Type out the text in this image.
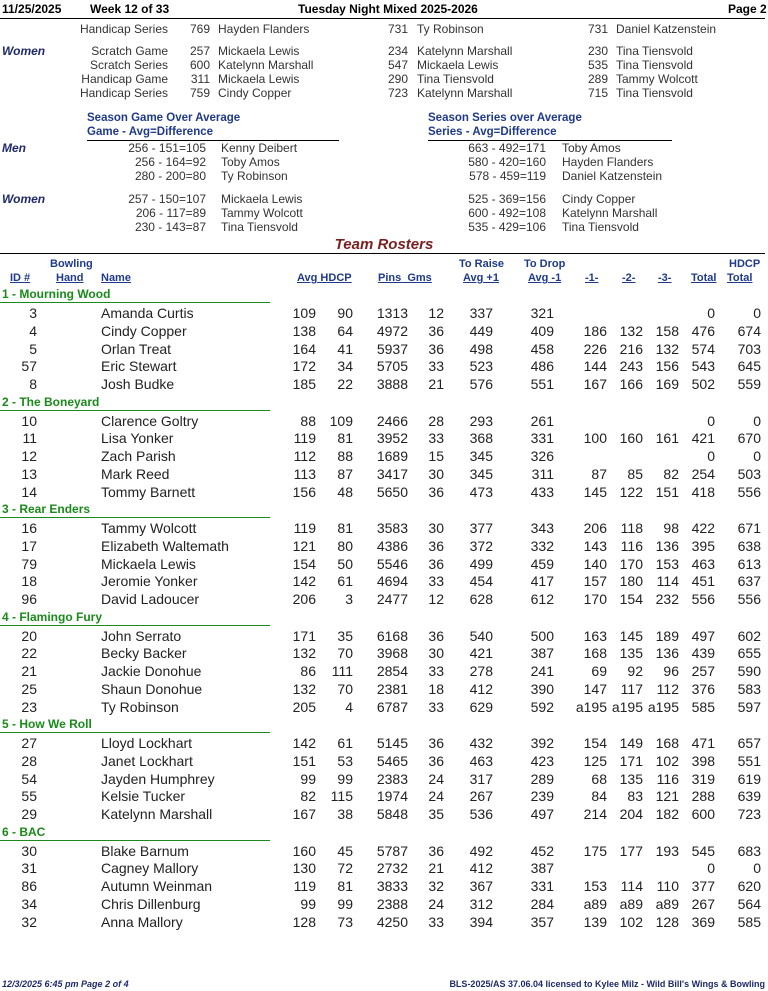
11/25/2025 Week 12 of 33	Tuesday Night Mixed 2025-2026	Page 2
Handicap Series 769 Hayden Flanders	731 Ty Robinson	731 Daniel Katzenstein
Women	Scratch Game 257 Mickaela Lewis	234 Katelynn Marshall	230 Tina Tiensvold
Scratch Series 600 Katelynn Marshall	547 Mickaela Lewis	535 Tina Tiensvold
Handicap Game 311 Mickaela Lewis	290 Tina Tiensvold	289 Tammy Wolcott
Handicap Series 759 Cindy Copper	723 Katelynn Marshall	715 Tina Tiensvold
Season Game Over Average
Game - Avg=Difference
Season Series over Average
Series - Avg=Difference
Men
Women
256 - 151=105 Kenny Deibert	663 - 492=171 Toby Amos
256 - 164=92 Toby Amos	580 - 420=160 Hayden Flanders
280 - 200=80 Ty Robinson	578 - 459=119 Daniel Katzenstein
257 - 150=107 Mickaela Lewis	525 - 369=156 Cindy Copper
206 - 117=89 Tammy Wolcott	600 - 492=108 Katelynn Marshall
230 - 143=87 Tina Tiensvold	535 - 429=106 Tina Tiensvold
Team Rosters
Bowling
ID # Hand Name	Avg HDCP Pins  Gms
To Raise
Avg +1
To Drop
Avg -1 -1- -2- -3- Total
HDCP
Total
1 - Mourning Wood
3	Amanda Curtis	109	90	1313	12	337	321	0	0
4	Cindy Copper	138	64	4972	36	449	409	186 132 158 476	674
5	Orlan Treat	164	41	5937	36	498	458	226 216 132 574	703
57	Eric Stewart	172	34	5705	33	523	486	144 243 156 543	645
8	Josh Budke	185	22	3888	21	576	551	167 166 169 502	559
2 - The Boneyard
10	Clarence Goltry	88 109	2466	28	293	261	0	0
11	Lisa Yonker	119	81	3952	33	368	331	100 160 161 421	670
12	Zach Parish	112	88	1689	15	345	326	0	0
13	Mark Reed	113	87	3417	30	345	311	87	85	82 254	503
14	Tommy Barnett	156	48	5650	36	473	433	145 122 151 418	556
3 - Rear Enders
16	Tammy Wolcott	119	81	3583	30	377	343	206 118	98 422	671
17	Elizabeth Waltemath	121	80	4386	36	372	332	143 116 136 395	638
79	Mickaela Lewis	154	50	5546	36	499	459	140 170 153 463	613
18	Jeromie Yonker	142	61	4694	33	454	417	157 180 114 451	637
96	David Ladoucer	206	3	2477	12	628	612	170 154 232 556	556
4 - Flamingo Fury
20	John Serrato	171	35	6168	36	540	500	163 145 189 497	602
22	Becky Backer	132	70	3968	30	421	387	168 135 136 439	655
21	Jackie Donohue	86	111	2854	33	278	241	69	92	96 257	590
25	Shaun Donohue	132	70	2381	18	412	390	147 117 112 376	583
23	Ty Robinson	205	4	6787	33	629	592	a195 a195 a195 585	597
5 - How We Roll
27	Lloyd Lockhart	142	61	5145	36	432	392	154 149 168 471	657
28	Janet Lockhart	151	53	5465	36	463	423	125 171 102 398	551
54	Jayden Humphrey	99	99	2383	24	317	289	68 135 116 319	619
55	Kelsie Tucker	82	115	1974	24	267	239	84	83 121 288	639
29	Katelynn Marshall	167	38	5848	35	536	497	214 204 182 600	723
6 - BAC
30	Blake Barnum	160	45	5787	36	492	452	175 177 193 545	683
31	Cagney Mallory	130	72	2732	21	412	387	0	0
86	Autumn Weinman	119	81	3833	32	367	331	153 114 110 377	620
34	Chris Dillenburg	99	99	2388	24	312	284	a89 a89 a89 267	564
32	Anna Mallory	128	73	4250	33	394	357	139 102 128 369	585
12/3/2025 6:45 pm Page 2 of 4	BLS-2025/AS 37.06.04 licensed to Kylee Milz - Wild Bill's Wings & Bowling
